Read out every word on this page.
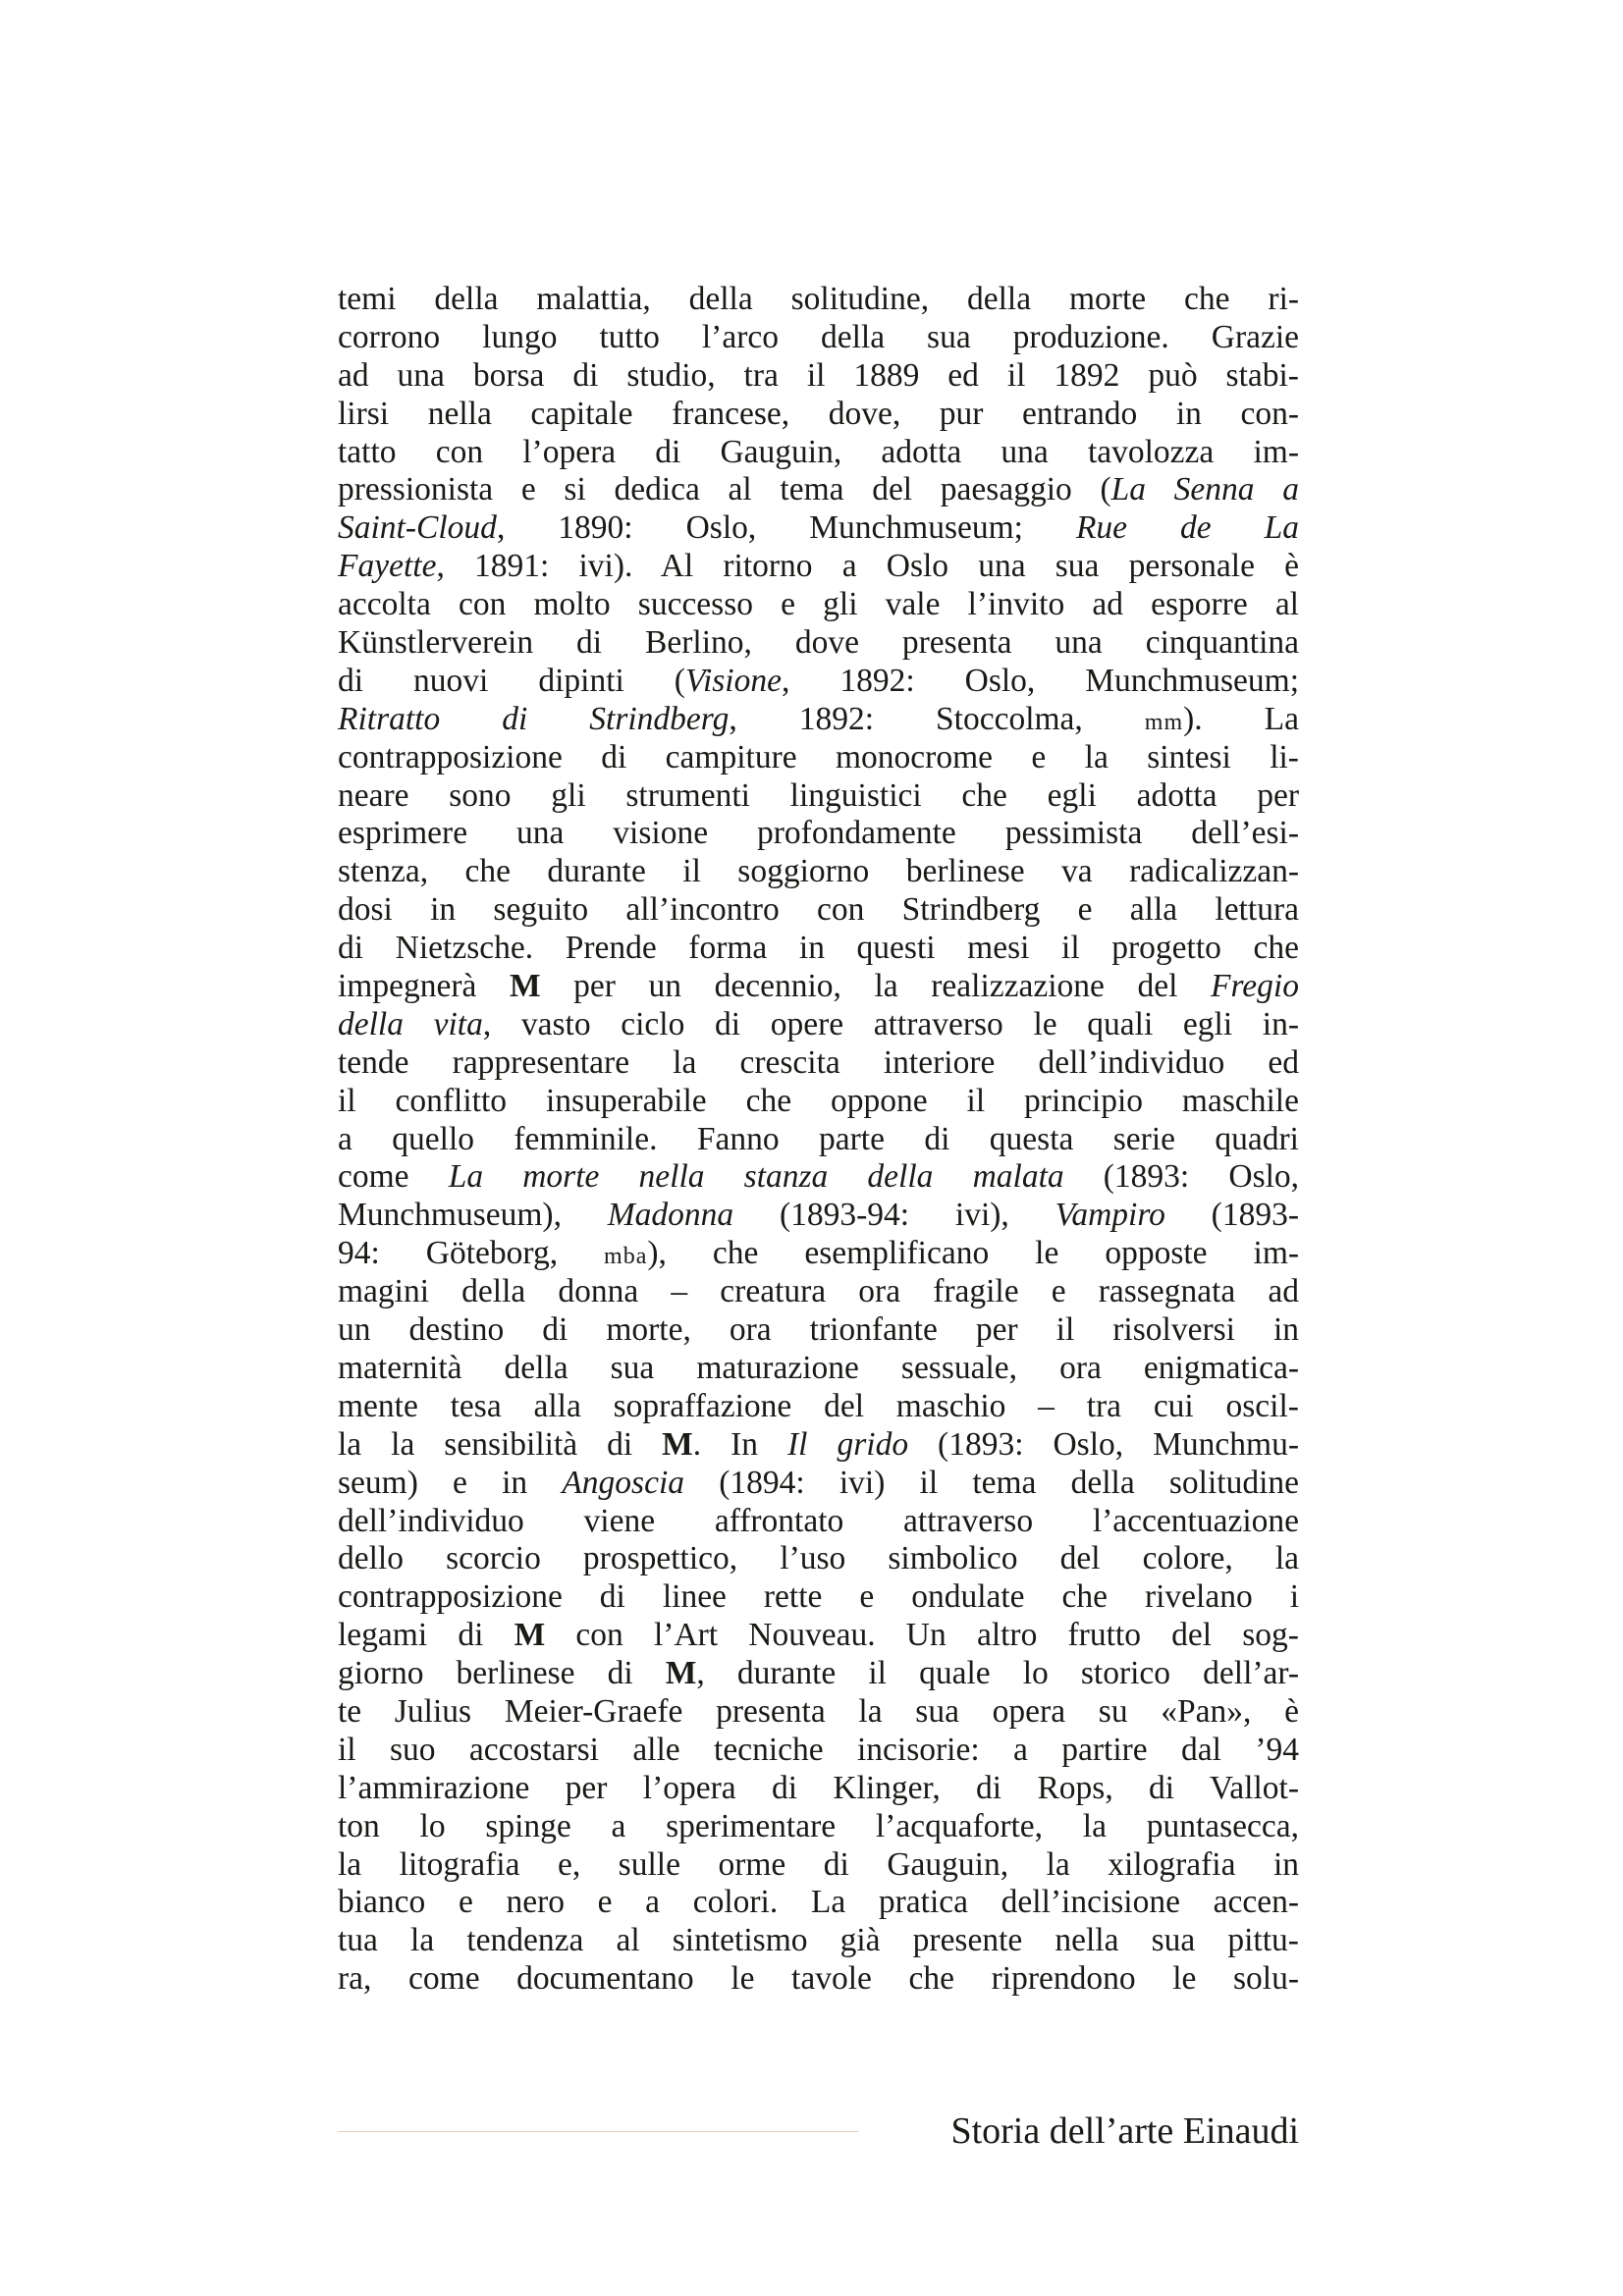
temi della malattia, della solitudine, della morte che ri-
corrono lungo tutto l’arco della sua produzione. Grazie
ad una borsa di studio, tra il 1889 ed il 1892 può stabi-
lirsi nella capitale francese, dove, pur entrando in con-
tatto con l’opera di Gauguin, adotta una tavolozza im-
pressionista e si dedica al tema del paesaggio (La Senna a
Saint-Cloud, 1890: Oslo, Munchmuseum; Rue de La
Fayette, 1891: ivi). Al ritorno a Oslo una sua personale è
accolta con molto successo e gli vale l’invito ad esporre al
Künstlerverein di Berlino, dove presenta una cinquantina
di nuovi dipinti (Visione, 1892: Oslo, Munchmuseum;
Ritratto di Strindberg, 1892: Stoccolma, mm). La
contrapposizione di campiture monocrome e la sintesi li-
neare sono gli strumenti linguistici che egli adotta per
esprimere una visione profondamente pessimista dell’esi-
stenza, che durante il soggiorno berlinese va radicalizzan-
dosi in seguito all’incontro con Strindberg e alla lettura
di Nietzsche. Prende forma in questi mesi il progetto che
impegnerà M per un decennio, la realizzazione del Fregio
della vita, vasto ciclo di opere attraverso le quali egli in-
tende rappresentare la crescita interiore dell’individuo ed
il conflitto insuperabile che oppone il principio maschile
a quello femminile. Fanno parte di questa serie quadri
come La morte nella stanza della malata (1893: Oslo,
Munchmuseum), Madonna (1893-94: ivi), Vampiro (1893-
94: Göteborg, mba), che esemplificano le opposte im-
magini della donna – creatura ora fragile e rassegnata ad
un destino di morte, ora trionfante per il risolversi in
maternità della sua maturazione sessuale, ora enigmatica-
mente tesa alla sopraffazione del maschio – tra cui oscil-
la la sensibilità di M. In Il grido (1893: Oslo, Munchmu-
seum) e in Angoscia (1894: ivi) il tema della solitudine
dell’individuo viene affrontato attraverso l’accentuazione
dello scorcio prospettico, l’uso simbolico del colore, la
contrapposizione di linee rette e ondulate che rivelano i
legami di M con l’Art Nouveau. Un altro frutto del sog-
giorno berlinese di M, durante il quale lo storico dell’ar-
te Julius Meier-Graefe presenta la sua opera su «Pan», è
il suo accostarsi alle tecniche incisorie: a partire dal ’94
l’ammirazione per l’opera di Klinger, di Rops, di Vallot-
ton lo spinge a sperimentare l’acquaforte, la puntasecca,
la litografia e, sulle orme di Gauguin, la xilografia in
bianco e nero e a colori. La pratica dell’incisione accen-
tua la tendenza al sintetismo già presente nella sua pittu-
ra, come documentano le tavole che riprendono le solu-
Storia dell’arte Einaudi
